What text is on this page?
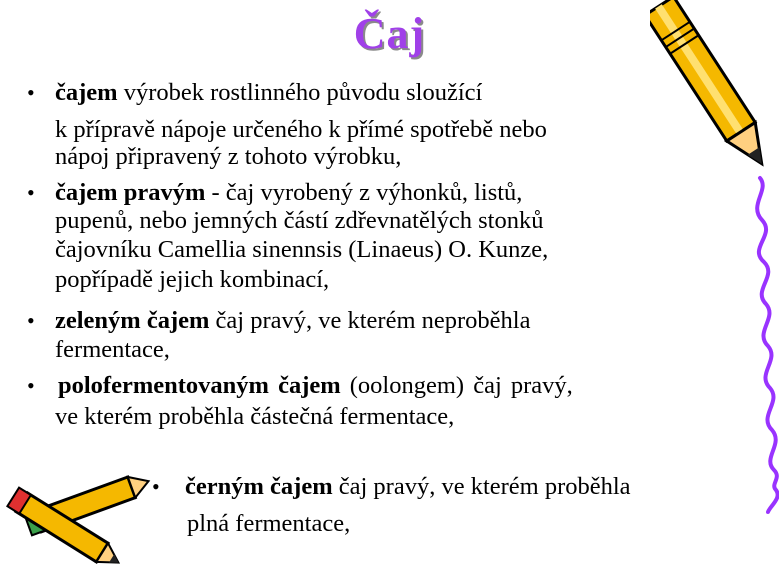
Čaj
• čajem výrobek rostlinného původu sloužící
k přípravě nápoje určeného k přímé spotřebě nebo
nápoj připravený z tohoto výrobku,
• čajem pravým - čaj vyrobený z výhonků, listů,
pupenů, nebo jemných částí zdřevnatělých stonků
čajovníku Camellia sinennsis (Linaeus) O. Kunze,
popřípadě jejich kombinací,
• zeleným čajem čaj pravý, ve kterém neproběhla
fermentace,
• polofermentovaným čajem (oolongem) čaj pravý,
ve kterém proběhla částečná fermentace,
• černým čajem čaj pravý, ve kterém proběhla
plná fermentace,
